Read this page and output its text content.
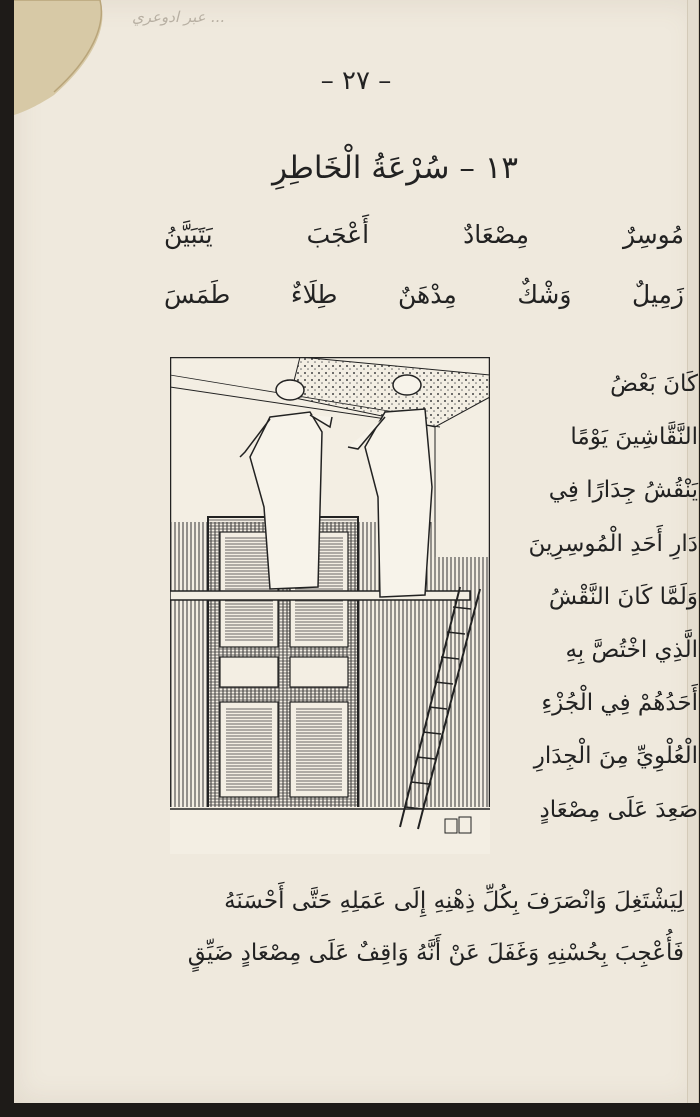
عبر ادوعري ...
– ٢٧ –
١٣ – سُرْعَةُ الْخَاطِرِ
مُوسِرٌ
مِصْعَادٌ
أَعْجَبَ
يَتَبَيَّنُ
زَمِيلٌ
وَشْكٌ
مِدْهَنٌ
طِلَاءٌ
طَمَسَ
كَانَ بَعْضُ
النَّقَّاشِينَ يَوْمًا
يَنْقُشُ جِدَارًا فِي
دَارِ أَحَدِ الْمُوسِرِينَ
وَلَمَّا كَانَ النَّقْشُ
الَّذِي اخْتُصَّ بِهِ
أَحَدُهُمْ فِي الْجُزْءِ
الْعُلْوِيِّ مِنَ الْجِدَارِ
صَعِدَ عَلَى مِصْعَادٍ
لِيَشْتَغِلَ وَانْصَرَفَ بِكُلِّ ذِهْنِهِ إِلَى عَمَلِهِ حَتَّى أَحْسَنَهُ
فَأُعْجِبَ بِحُسْنِهِ وَغَفَلَ عَنْ أَنَّهُ وَاقِفٌ عَلَى مِصْعَادٍ ضَيِّقٍ
